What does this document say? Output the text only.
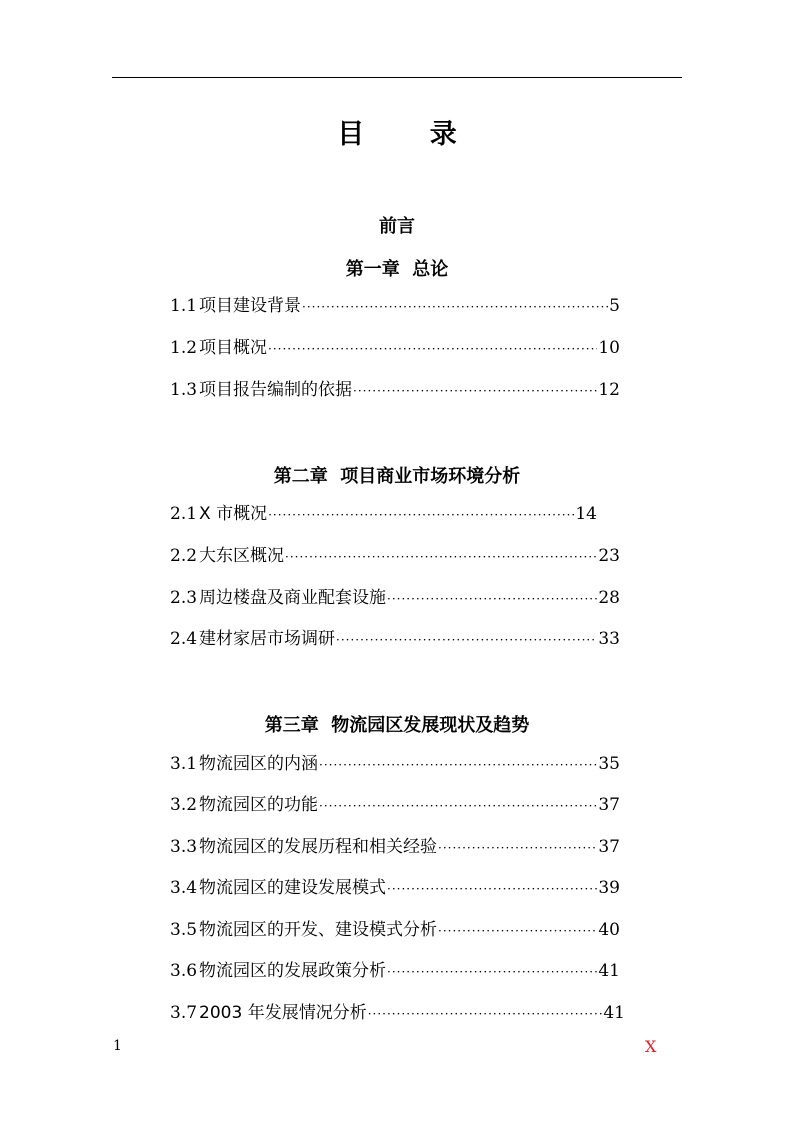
目 录
前言
第一章  总论
1.1 项目建设背景 ·····	5
1.2 项目概况 ·····	10
1.3 项目报告编制的依据 ·····	12
第二章  项目商业市场环境分析
2.1 X 市概况 ·····	14
2.2 大东区概况 ·····	23
2.3 周边楼盘及商业配套设施 ·····	28
2.4 建材家居市场调研 ·····	33
第三章  物流园区发展现状及趋势
3.1 物流园区的内涵 ·····	35
3.2 物流园区的功能 ·····	37
3.3 物流园区的发展历程和相关经验 ·····	37
3.4 物流园区的建设发展模式 ·····	39
3.5 物流园区的开发、建设模式分析 ·····	40
3.6 物流园区的发展政策分析 ·····	41
3.7 2003 年发展情况分析 ·····	41
1	X
